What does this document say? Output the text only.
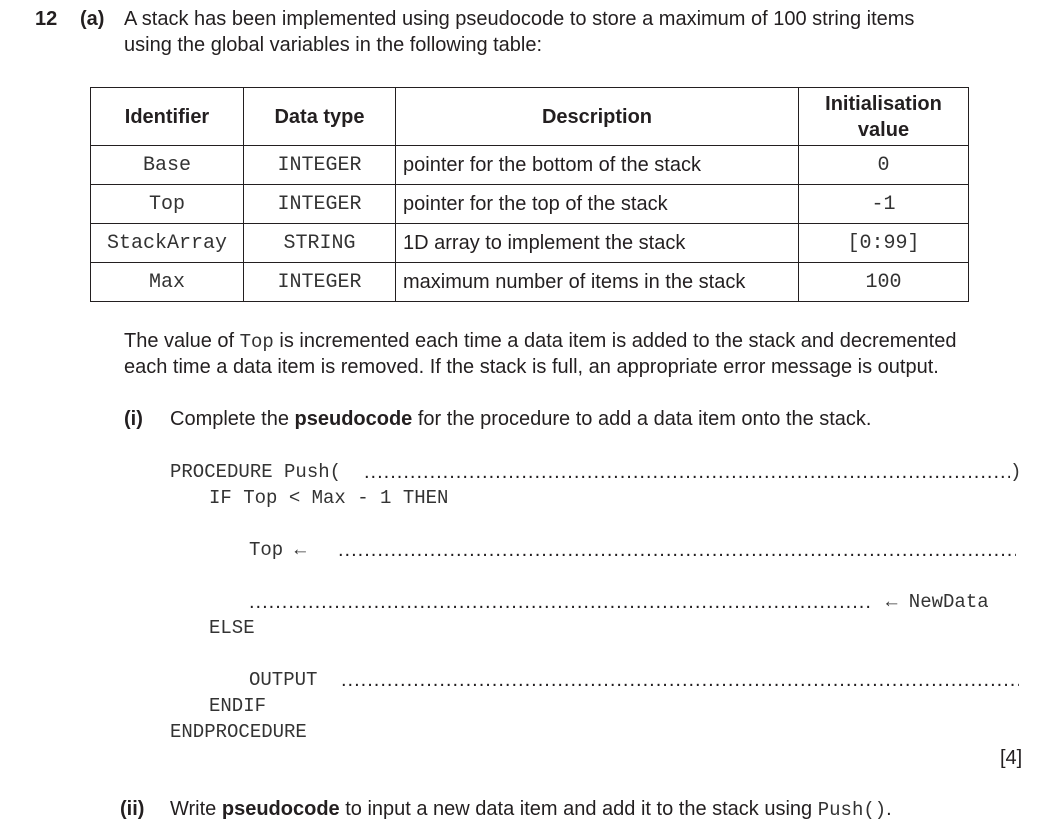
12 (a) A stack has been implemented using pseudocode to store a maximum of 100 string items
using the global variables in the following table:
Identifier	Data type	Description	Initialisation
value
Base	INTEGER	pointer for the bottom of the stack	0
Top	INTEGER	pointer for the top of the stack	-1
StackArray	STRING	1D array to implement the stack	[0:99]
Max	INTEGER	maximum number of items in the stack	100
The value of Top is incremented each time a data item is added to the stack and decremented
each time a data item is removed. If the stack is full, an appropriate error message is output.
(i) Complete the pseudocode for the procedure to add a data item onto the stack.
PROCEDURE Push( .....	)
IF Top < Max - 1 THEN
Top ←
.....
.....
← NewData
ELSE
OUTPUT
.....
ENDIF
ENDPROCEDURE
[4]
(ii) Write pseudocode to input a new data item and add it to the stack using Push().
